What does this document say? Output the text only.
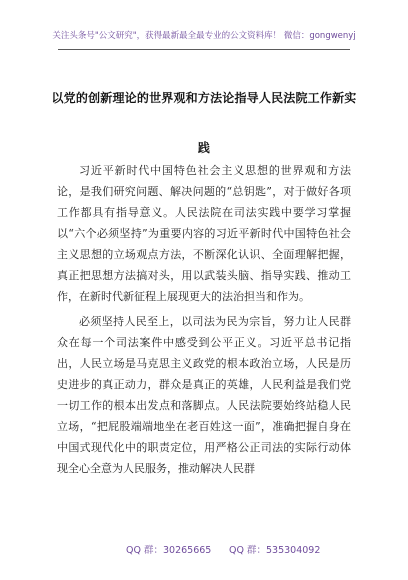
关注头条号"公文研究"，获得最新最全最专业的公文资料库！ 微信：gongwenyj
以党的创新理论的世界观和方法论指导人民法院工作新实
践

习近平新时代中国特色社会主义思想的世界观和方法论，是我们研究问题、解决问题的“总钥匙”，对于做好各项工作都具有指导意义。人民法院在司法实践中要学习掌握以“六个必须坚持”为重要内容的习近平新时代中国特色社会主义思想的立场观点方法，不断深化认识、全面理解把握，真正把思想方法搞对头，用以武装头脑、指导实践、推动工作，在新时代新征程上展现更大的法治担当和作为。

必须坚持人民至上，以司法为民为宗旨，努力让人民群众在每一个司法案件中感受到公平正义。习近平总书记指出，人民立场是马克思主义政党的根本政治立场，人民是历史进步的真正动力，群众是真正的英雄，人民利益是我们党一切工作的根本出发点和落脚点。人民法院要始终站稳人民立场，“把屁股端端地坐在老百姓这一面”，准确把握自身在中国式现代化中的职责定位，用严格公正司法的实际行动体现全心全意为人民服务，推动解决人民群

QQ 群：30265665 QQ 群：535304092
